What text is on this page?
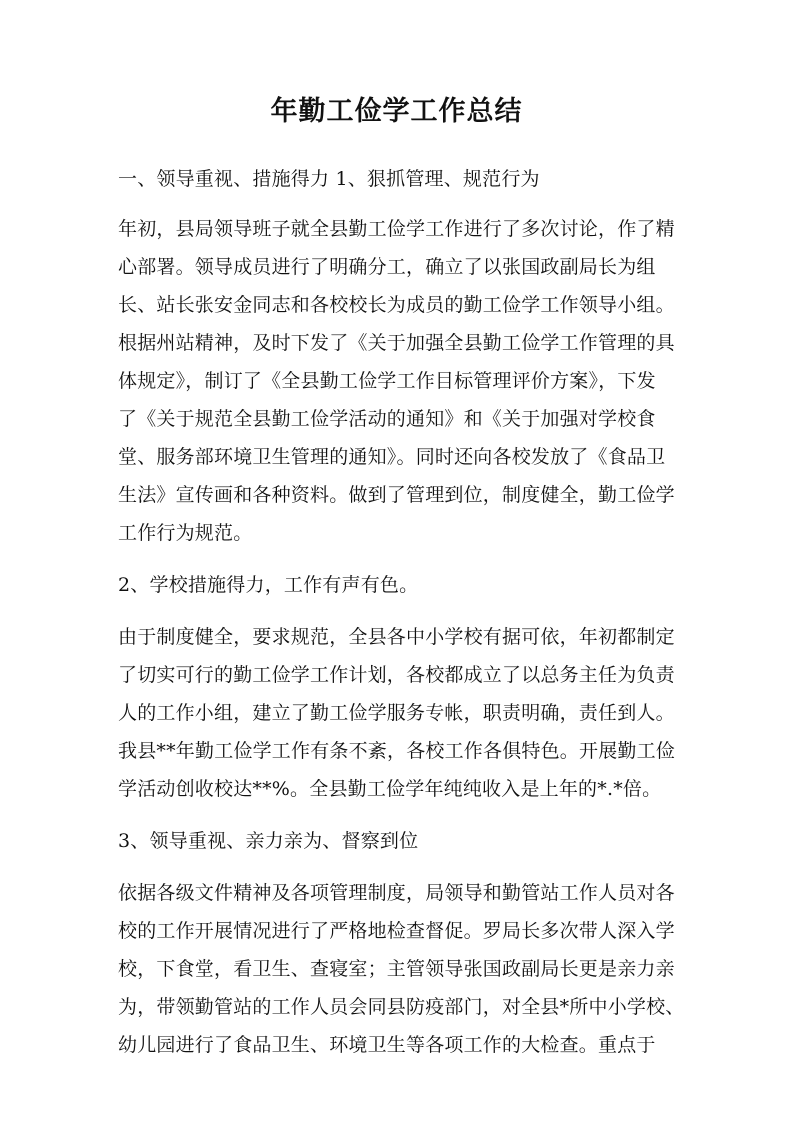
年勤工俭学工作总结
一、领导重视、措施得力 1、狠抓管理、规范行为
年初，县局领导班子就全县勤工俭学工作进行了多次讨论，作了精
心部署。领导成员进行了明确分工，确立了以张国政副局长为组
长、站长张安金同志和各校校长为成员的勤工俭学工作领导小组。
根据州站精神，及时下发了《关于加强全县勤工俭学工作管理的具
体规定》，制订了《全县勤工俭学工作目标管理评价方案》，下发
了《关于规范全县勤工俭学活动的通知》和《关于加强对学校食
堂、服务部环境卫生管理的通知》。同时还向各校发放了《食品卫
生法》宣传画和各种资料。做到了管理到位，制度健全，勤工俭学
工作行为规范。
2、学校措施得力，工作有声有色。
由于制度健全，要求规范，全县各中小学校有据可依，年初都制定
了切实可行的勤工俭学工作计划，各校都成立了以总务主任为负责
人的工作小组，建立了勤工俭学服务专帐，职责明确，责任到人。
我县**年勤工俭学工作有条不紊，各校工作各俱特色。开展勤工俭
学活动创收校达**%。全县勤工俭学年纯纯收入是上年的*.*倍。
3、领导重视、亲力亲为、督察到位
依据各级文件精神及各项管理制度，局领导和勤管站工作人员对各
校的工作开展情况进行了严格地检查督促。罗局长多次带人深入学
校，下食堂，看卫生、查寝室；主管领导张国政副局长更是亲力亲
为，带领勤管站的工作人员会同县防疫部门，对全县*所中小学校、
幼儿园进行了食品卫生、环境卫生等各项工作的大检查。重点于
